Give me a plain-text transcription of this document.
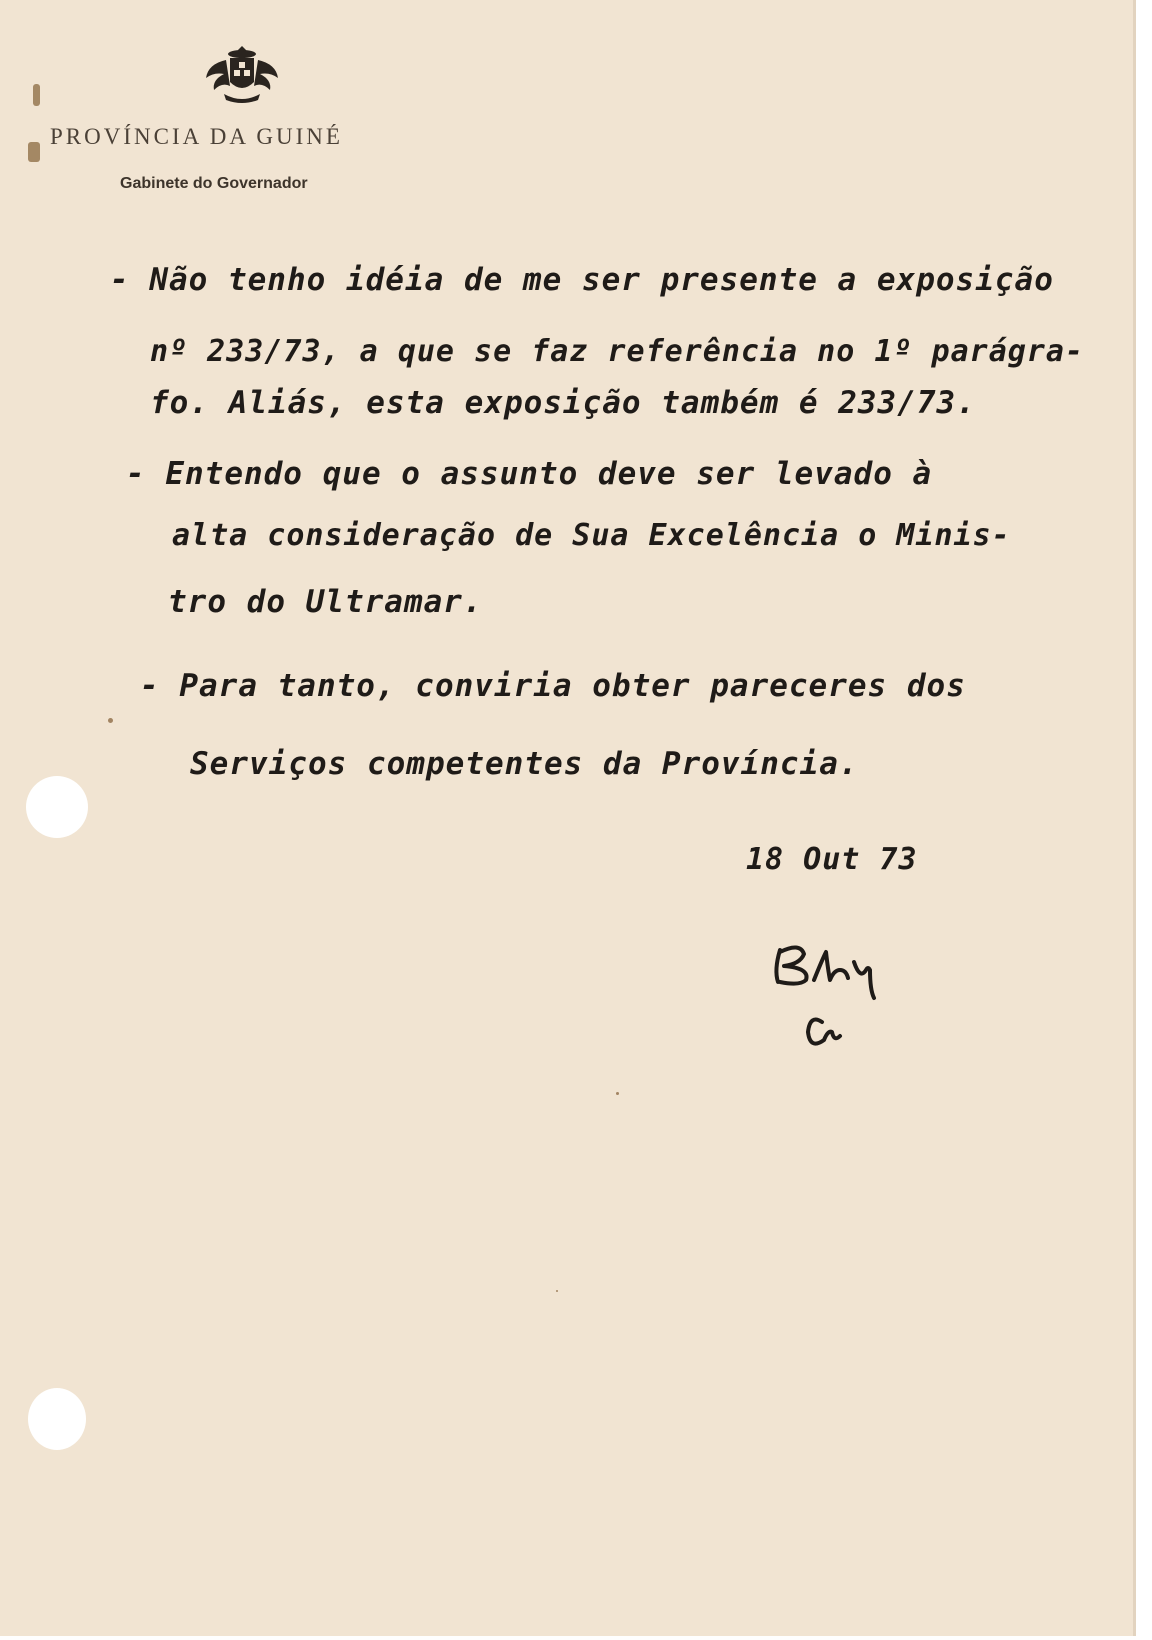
PROVÍNCIA DA GUINÉ
Gabinete do Governador
- Não tenho idéia de me ser presente a exposição
nº 233/73, a que se faz referência no 1º parágra-
fo. Aliás, esta exposição também é 233/73.
- Entendo que o assunto deve ser levado à
alta consideração de Sua Excelência o Minis-
tro do Ultramar.
- Para tanto, conviria obter pareceres dos
Serviços competentes da Província.
18 Out 73
